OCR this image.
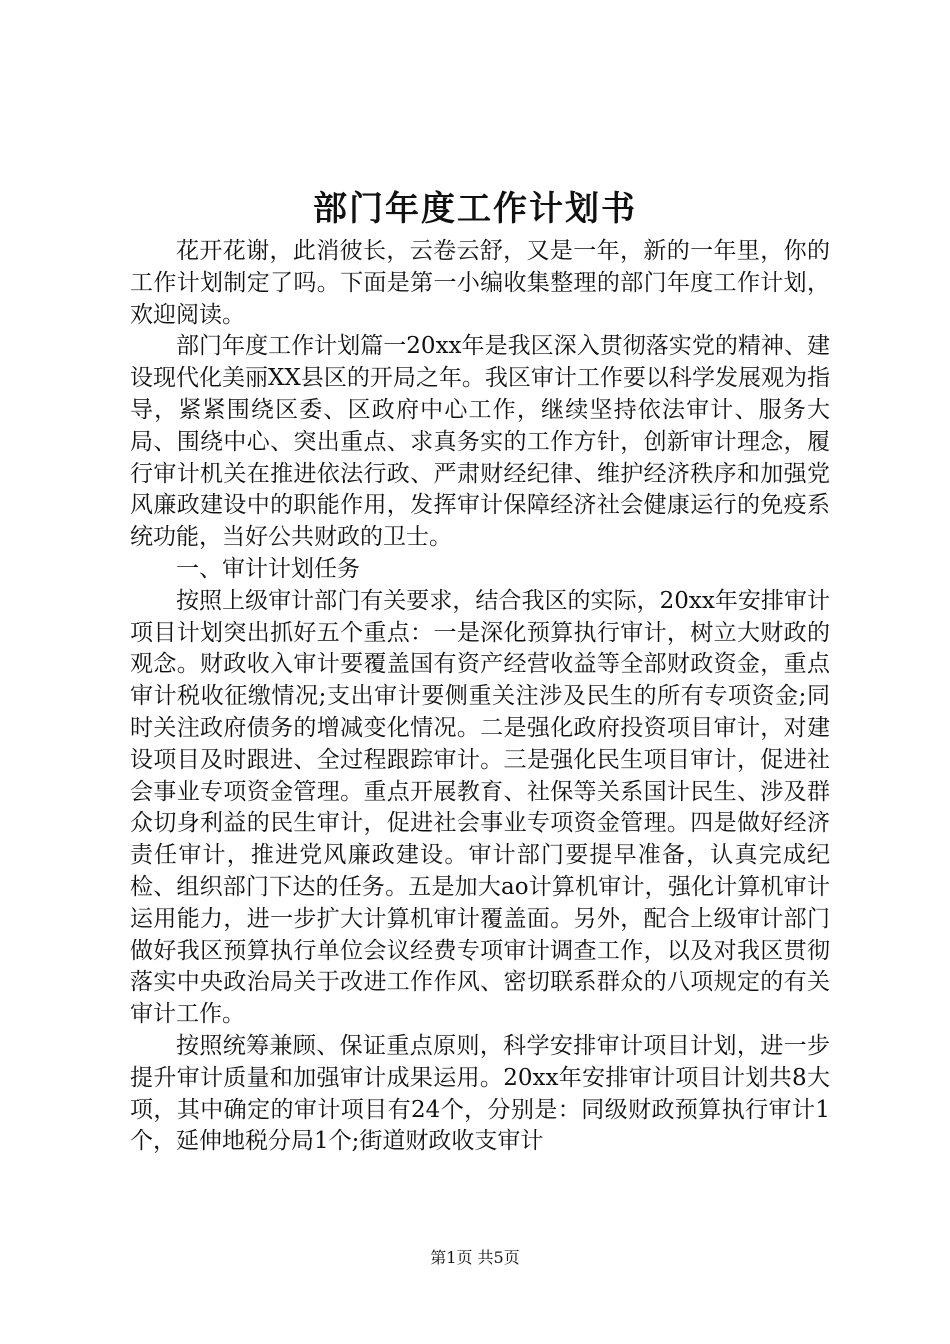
部门年度工作计划书

花开花谢，此消彼长，云卷云舒，又是一年，新的一年里，你的工作计划制定了吗。下面是第一小编收集整理的部门年度工作计划，欢迎阅读。

部门年度工作计划篇一20xx年是我区深入贯彻落实党的精神、建设现代化美丽XX县区的开局之年。我区审计工作要以科学发展观为指导，紧紧围绕区委、区政府中心工作，继续坚持依法审计、服务大局、围绕中心、突出重点、求真务实的工作方针，创新审计理念，履行审计机关在推进依法行政、严肃财经纪律、维护经济秩序和加强党风廉政建设中的职能作用，发挥审计保障经济社会健康运行的免疫系统功能，当好公共财政的卫士。

一、审计计划任务

按照上级审计部门有关要求，结合我区的实际，20xx年安排审计项目计划突出抓好五个重点：一是深化预算执行审计，树立大财政的观念。财政收入审计要覆盖国有资产经营收益等全部财政资金，重点审计税收征缴情况;支出审计要侧重关注涉及民生的所有专项资金;同时关注政府债务的增减变化情况。二是强化政府投资项目审计，对建设项目及时跟进、全过程跟踪审计。三是强化民生项目审计，促进社会事业专项资金管理。重点开展教育、社保等关系国计民生、涉及群众切身利益的民生审计，促进社会事业专项资金管理。四是做好经济责任审计，推进党风廉政建设。审计部门要提早准备，认真完成纪检、组织部门下达的任务。五是加大ao计算机审计，强化计算机审计运用能力，进一步扩大计算机审计覆盖面。另外，配合上级审计部门做好我区预算执行单位会议经费专项审计调查工作，以及对我区贯彻落实中央政治局关于改进工作作风、密切联系群众的八项规定的有关审计工作。

按照统筹兼顾、保证重点原则，科学安排审计项目计划，进一步提升审计质量和加强审计成果运用。20xx年安排审计项目计划共8大项，其中确定的审计项目有24个，分别是：同级财政预算执行审计1个，延伸地税分局1个;街道财政收支审计

第1页 共5页
